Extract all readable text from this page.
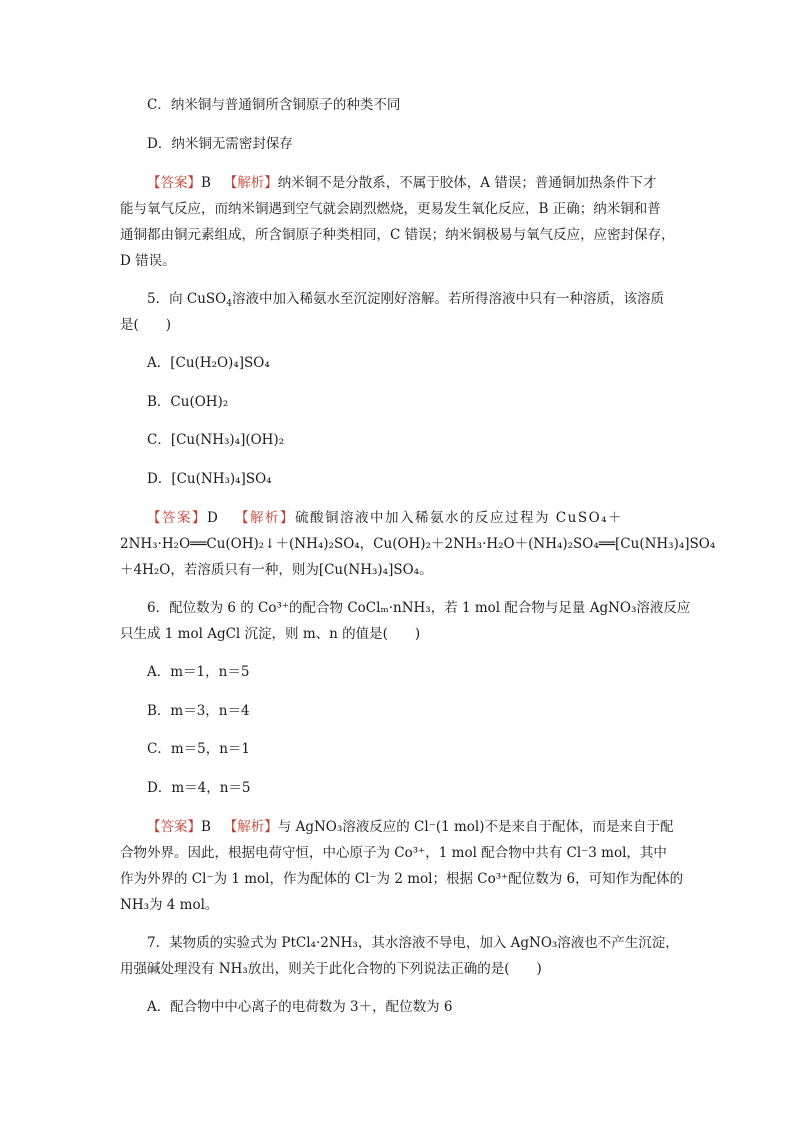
C．纳米铜与普通铜所含铜原子的种类不同
D．纳米铜无需密封保存
【答案】B 【解析】纳米铜不是分散系，不属于胶体，A 错误；普通铜加热条件下才
能与氧气反应，而纳米铜遇到空气就会剧烈燃烧，更易发生氧化反应，B 正确；纳米铜和普
通铜都由铜元素组成，所含铜原子种类相同，C 错误；纳米铜极易与氧气反应，应密封保存，
D 错误。
5．向 CuSO$_4$溶液中加入稀氨水至沉淀刚好溶解。若所得溶液中只有一种溶质，该溶质
是(　　)
A．[Cu(H₂O)₄]SO₄
B．Cu(OH)₂
C．[Cu(NH₃)₄](OH)₂
D．[Cu(NH₃)₄]SO₄
【答案】D 【解析】硫酸铜溶液中加入稀氨水的反应过程为 CuSO₄＋
2NH₃·H₂O══Cu(OH)₂↓＋(NH₄)₂SO₄，Cu(OH)₂＋2NH₃·H₂O＋(NH₄)₂SO₄══[Cu(NH₃)₄]SO₄
＋4H₂O，若溶质只有一种，则为[Cu(NH₃)₄]SO₄。
6．配位数为 6 的 Co³⁺的配合物 CoClₘ·nNH₃，若 1 mol 配合物与足量 AgNO₃溶液反应
只生成 1 mol AgCl 沉淀，则 m、n 的值是(　　)
A．m＝1，n＝5
B．m＝3，n＝4
C．m＝5，n＝1
D．m＝4，n＝5
【答案】B 【解析】与 AgNO₃溶液反应的 Cl⁻(1 mol)不是来自于配体，而是来自于配
合物外界。因此，根据电荷守恒，中心原子为 Co³⁺，1 mol 配合物中共有 Cl⁻3 mol，其中
作为外界的 Cl⁻为 1 mol，作为配体的 Cl⁻为 2 mol；根据 Co³⁺配位数为 6，可知作为配体的
NH₃为 4 mol。
7．某物质的实验式为 PtCl₄·2NH₃，其水溶液不导电，加入 AgNO₃溶液也不产生沉淀，
用强碱处理没有 NH₃放出，则关于此化合物的下列说法正确的是(　　)
A．配合物中中心离子的电荷数为 3＋，配位数为 6
